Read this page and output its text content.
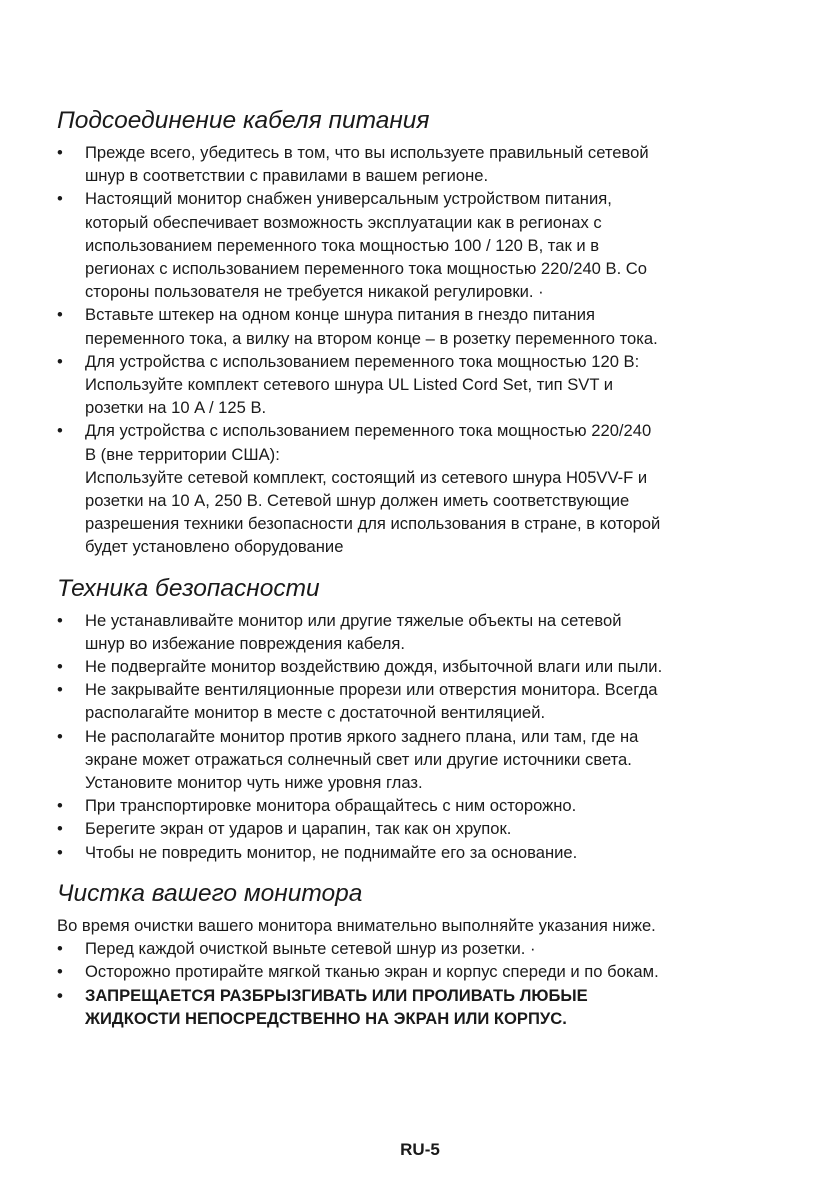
Подсоединение кабеля питания
•	Прежде всего, убедитесь в том, что вы используете правильный сетевой
шнур в соответствии с правилами в вашем регионе.
•	Настоящий монитор снабжен универсальным устройством питания,
который обеспечивает возможность эксплуатации как в регионах с
использованием переменного тока мощностью 100 / 120 В, так и в
регионах с использованием переменного тока мощностью 220/240 В. Со
стороны пользователя не требуется никакой регулировки. ·
•	Вставьте штекер на одном конце шнура питания в гнездо питания
переменного тока, а вилку на втором конце – в розетку переменного тока.
•	Для устройства с использованием переменного тока мощностью 120 В:
Используйте комплект сетевого шнура UL Listed Cord Set, тип SVT и
розетки на 10 A / 125 В.
•	Для устройства с использованием переменного тока мощностью 220/240
В (вне территории США):
Используйте сетевой комплект, состоящий из сетевого шнура H05VV-F и
розетки на 10 A, 250 В. Сетевой шнур должен иметь соответствующие
разрешения техники безопасности для использования в стране, в которой
будет установлено оборудование
Техника безопасности
•	Не устанавливайте монитор или другие тяжелые объекты на сетевой
шнур во избежание повреждения кабеля.
•	Не подвергайте монитор воздействию дождя, избыточной влаги или пыли.
•	Не закрывайте вентиляционные прорези или отверстия монитора. Всегда
располагайте монитор в месте с достаточной вентиляцией.
•	Не располагайте монитор против яркого заднего плана, или там, где на
экране может отражаться солнечный свет или другие источники света.
Установите монитор чуть ниже уровня глаз.
•	При транспортировке монитора обращайтесь с ним осторожно.
•	Берегите экран от ударов и царапин, так как он хрупок.
•	Чтобы не повредить монитор, не поднимайте его за основание.
Чистка вашего монитора

Во время очистки вашего монитора внимательно выполняйте указания ниже.

•	Перед каждой очисткой выньте сетевой шнур из розетки. ·
•	Осторожно протирайте мягкой тканью экран и корпус спереди и по бокам.
•	ЗАПРЕЩАЕТСЯ РАЗБРЫЗГИВАТЬ ИЛИ ПРОЛИВАТЬ ЛЮБЫЕ
ЖИДКОСТИ НЕПОСРЕДСТВЕННО НА ЭКРАН ИЛИ КОРПУС.
RU-5
